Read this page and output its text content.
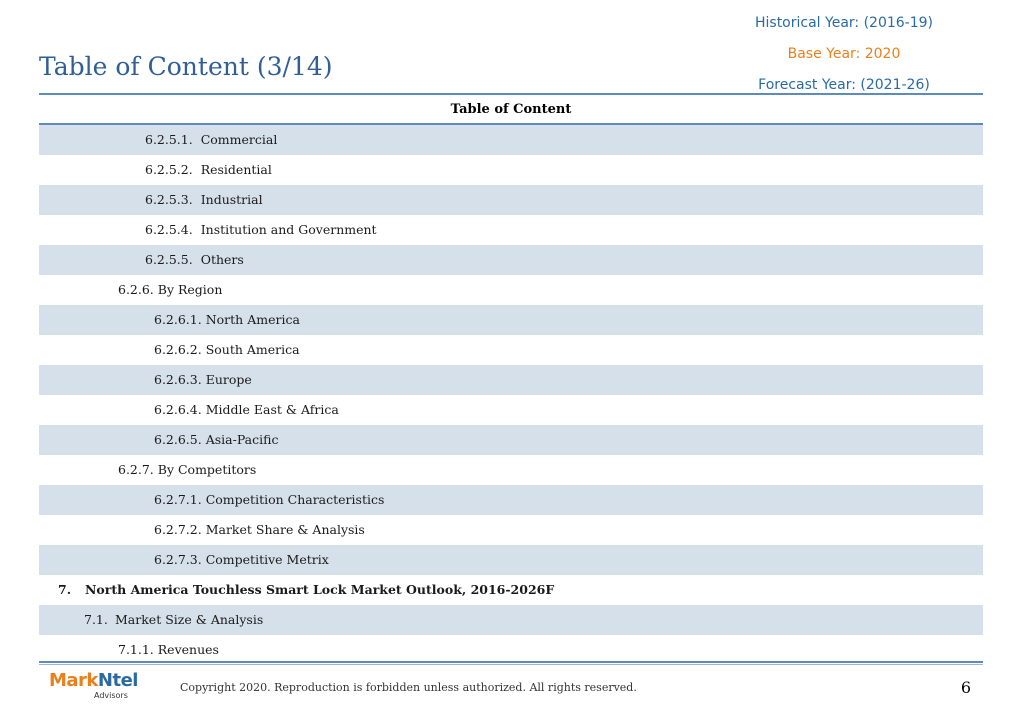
Historical Year: (2016-19)
Base Year: 2020
Forecast Year: (2021-26)
Table of Content (3/14)
Table of Content
6.2.5.1. Commercial
6.2.5.2. Residential
6.2.5.3. Industrial
6.2.5.4. Institution and Government
6.2.5.5. Others
6.2.6. By Region
6.2.6.1. North America
6.2.6.2. South America
6.2.6.3. Europe
6.2.6.4. Middle East & Africa
6.2.6.5. Asia-Pacific
6.2.7. By Competitors
6.2.7.1. Competition Characteristics
6.2.7.2. Market Share & Analysis
6.2.7.3. Competitive Metrix
7. North America Touchless Smart Lock Market Outlook, 2016-2026F
7.1. Market Size & Analysis
7.1.1. Revenues
MarkNtel
Advisors
Copyright 2020. Reproduction is forbidden unless authorized. All rights reserved.	6
